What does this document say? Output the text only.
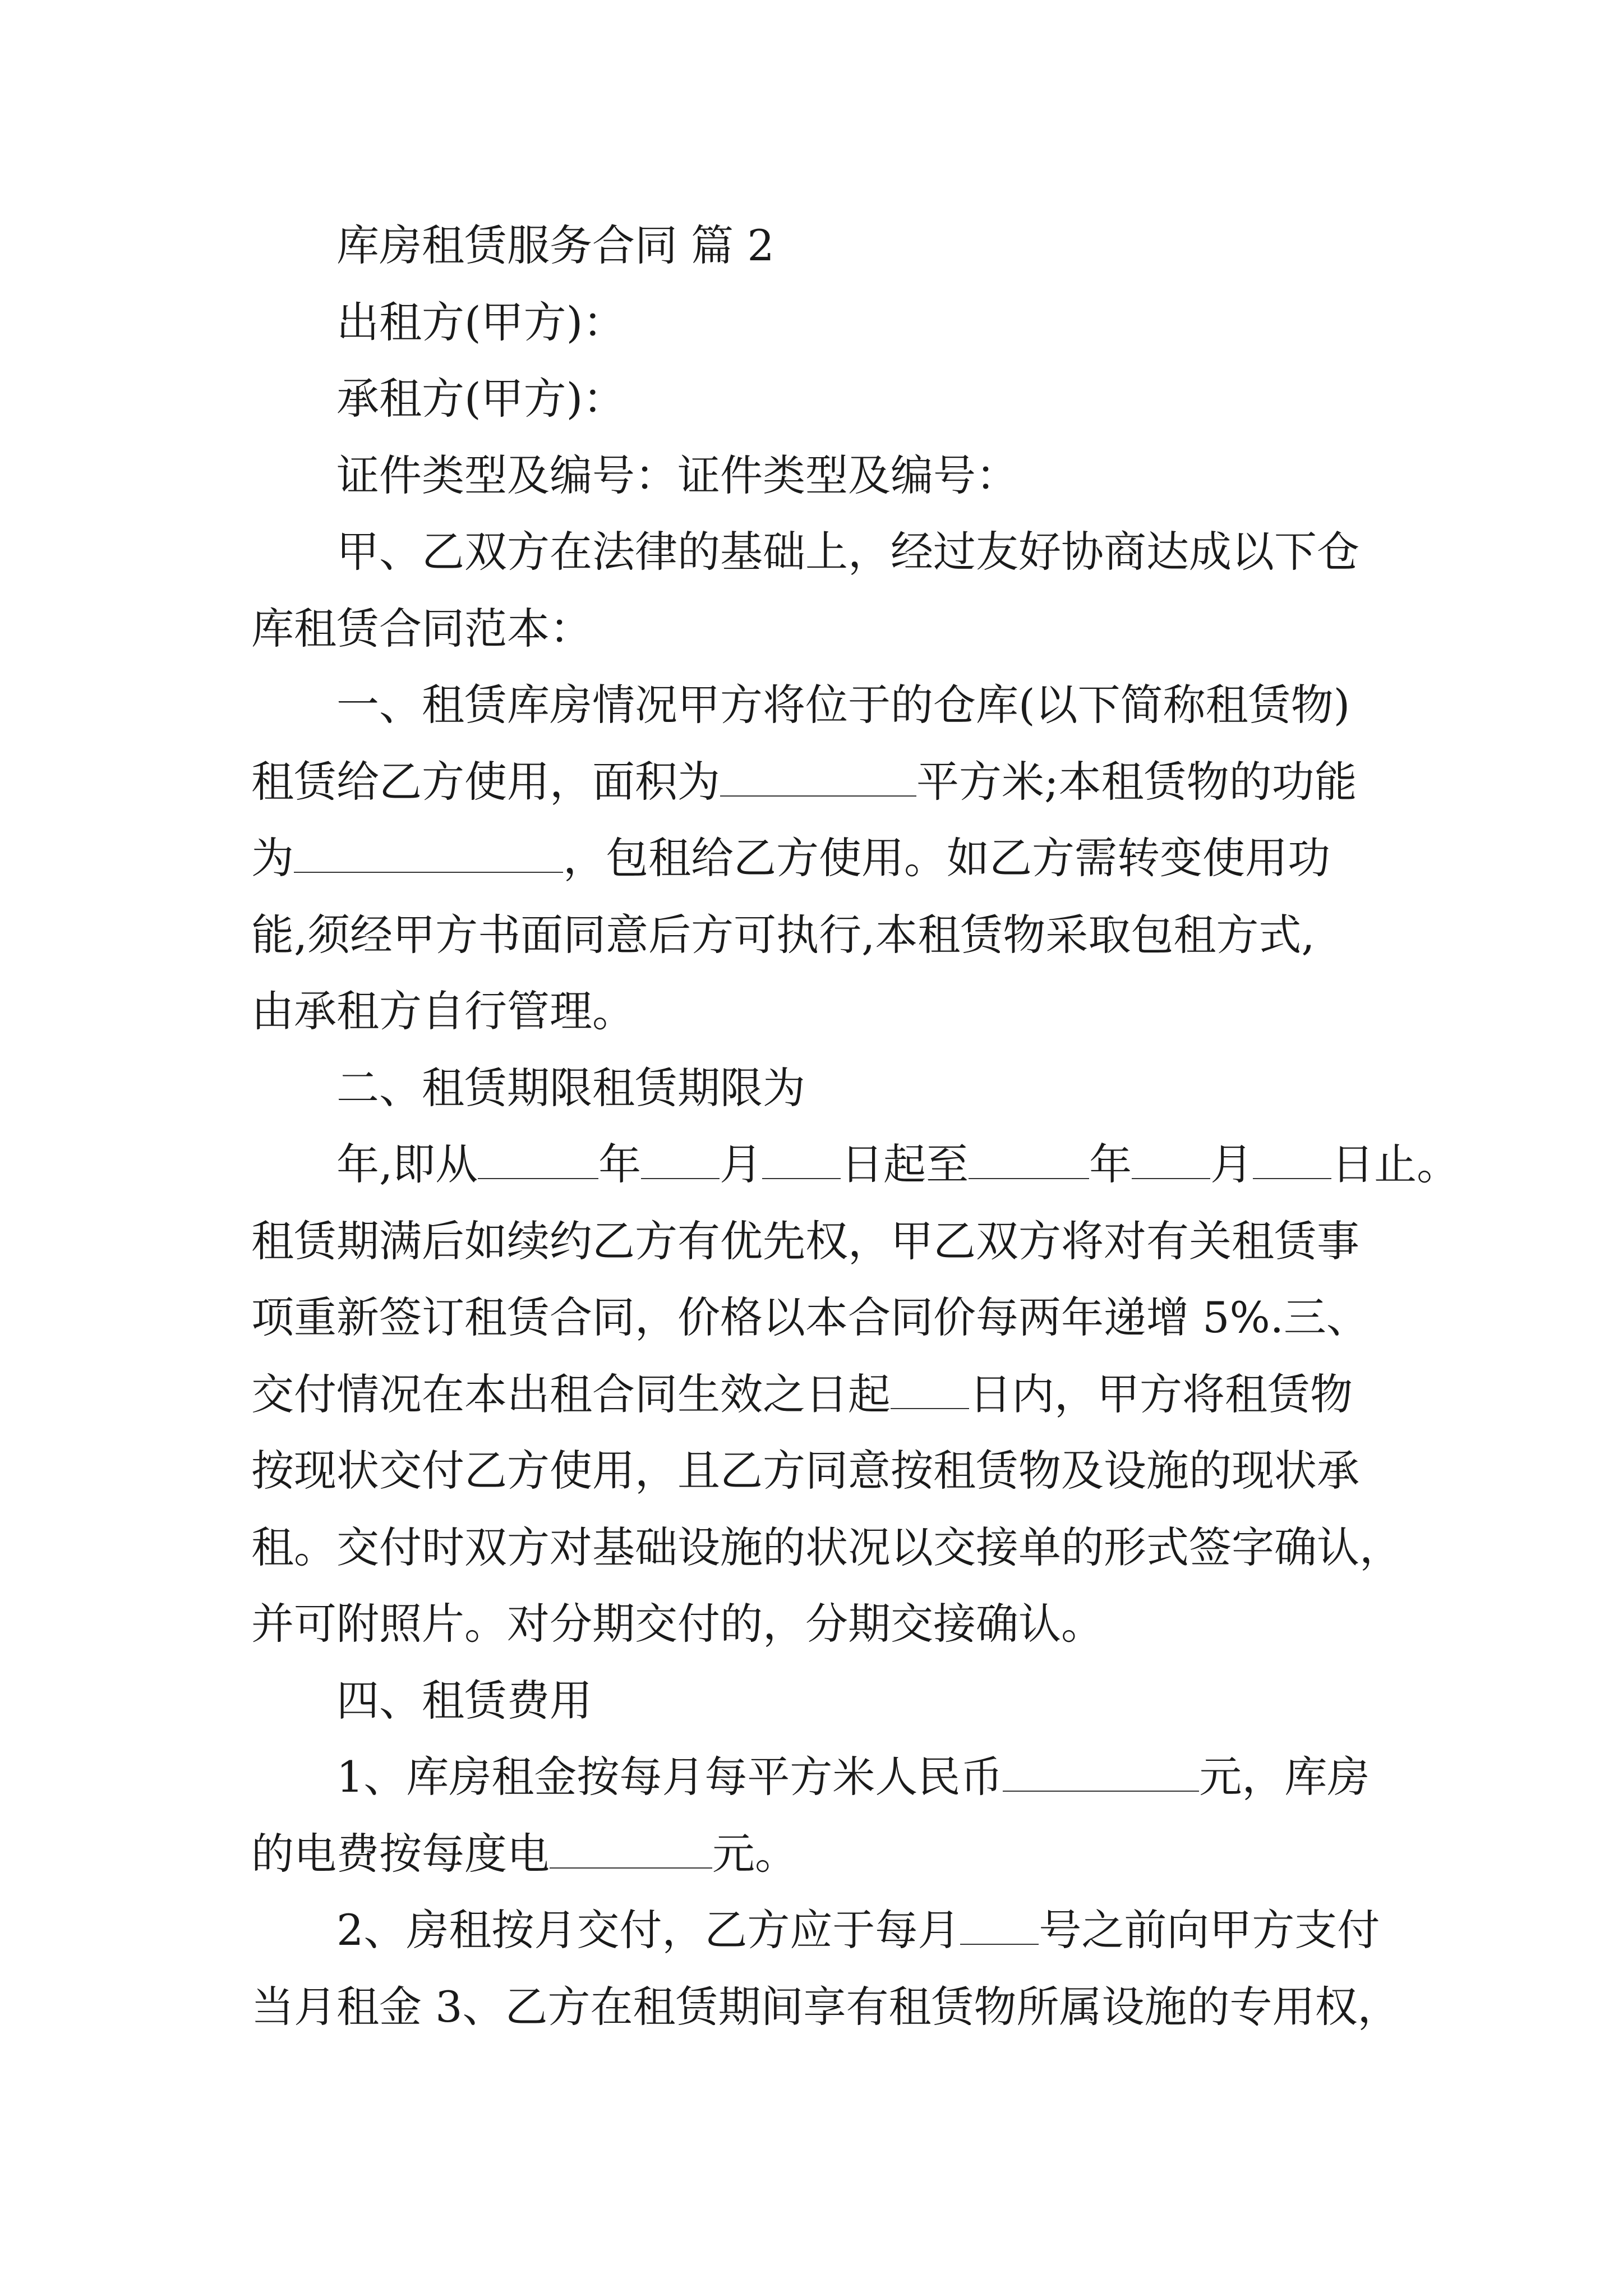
库房租赁服务合同 篇 2

出租方(甲方)：

承租方(甲方)：

证件类型及编号：证件类型及编号：

甲、乙双方在法律的基础上，经过友好协商达成以下仓

库租赁合同范本：

一、租赁库房情况甲方将位于的仓库(以下简称租赁物)

租赁给乙方使用，面积为	平方米;本租赁物的功能

为	，包租给乙方使用。如乙方需转变使用功

能,须经甲方书面同意后方可执行,本租赁物采取包租方式,

由承租方自行管理。

二、租赁期限租赁期限为

年,即从	年 月 日起至	年 月 日止。

租赁期满后如续约乙方有优先权，甲乙双方将对有关租赁事

项重新签订租赁合同，价格以本合同价每两年递增 5%.三、

交付情况在本出租合同生效之日起 日内，甲方将租赁物

按现状交付乙方使用，且乙方同意按租赁物及设施的现状承

租。交付时双方对基础设施的状况以交接单的形式签字确认，

并可附照片。对分期交付的，分期交接确认。

四、租赁费用

1、库房租金按每月每平方米人民币	元，库房

的电费按每度电	元。

2、房租按月交付，乙方应于每月 号之前向甲方支付

当月租金 3、乙方在租赁期间享有租赁物所属设施的专用权，
